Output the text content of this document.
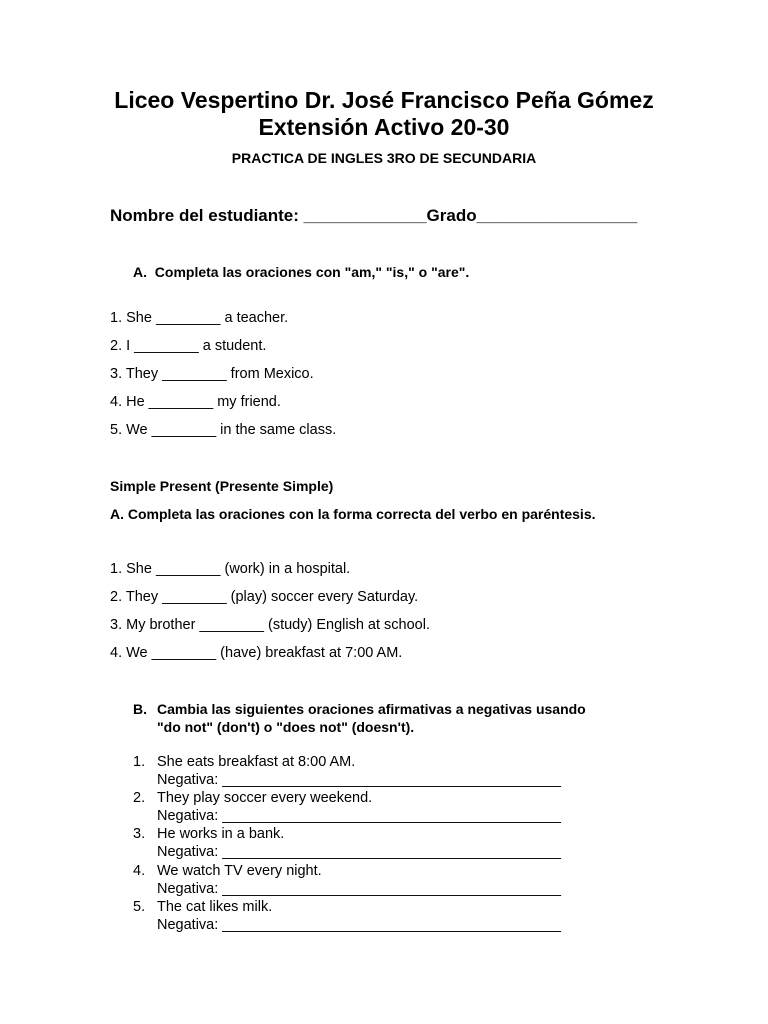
Liceo Vespertino Dr. José Francisco Peña Gómez
Extensión Activo 20-30
PRACTICA DE INGLES 3RO DE SECUNDARIA
Nombre del estudiante: _____________Grado_________________
A.  Completa las oraciones con "am," "is," o "are".
1. She ________ a teacher.
2. I ________ a student.
3. They ________ from Mexico.
4. He ________ my friend.
5. We ________ in the same class.
Simple Present (Presente Simple)
A. Completa las oraciones con la forma correcta del verbo en paréntesis.
1. She ________ (work) in a hospital.
2. They ________ (play) soccer every Saturday.
3. My brother ________ (study) English at school.
4. We ________ (have) breakfast at 7:00 AM.
B. Cambia las siguientes oraciones afirmativas a negativas usando
"do not" (don't) o "does not" (doesn't).
1. She eats breakfast at 8:00 AM.
Negativa: __________________________________________
2. They play soccer every weekend.
Negativa: __________________________________________
3. He works in a bank.
Negativa: __________________________________________
4. We watch TV every night.
Negativa: __________________________________________
5. The cat likes milk.
Negativa: __________________________________________
